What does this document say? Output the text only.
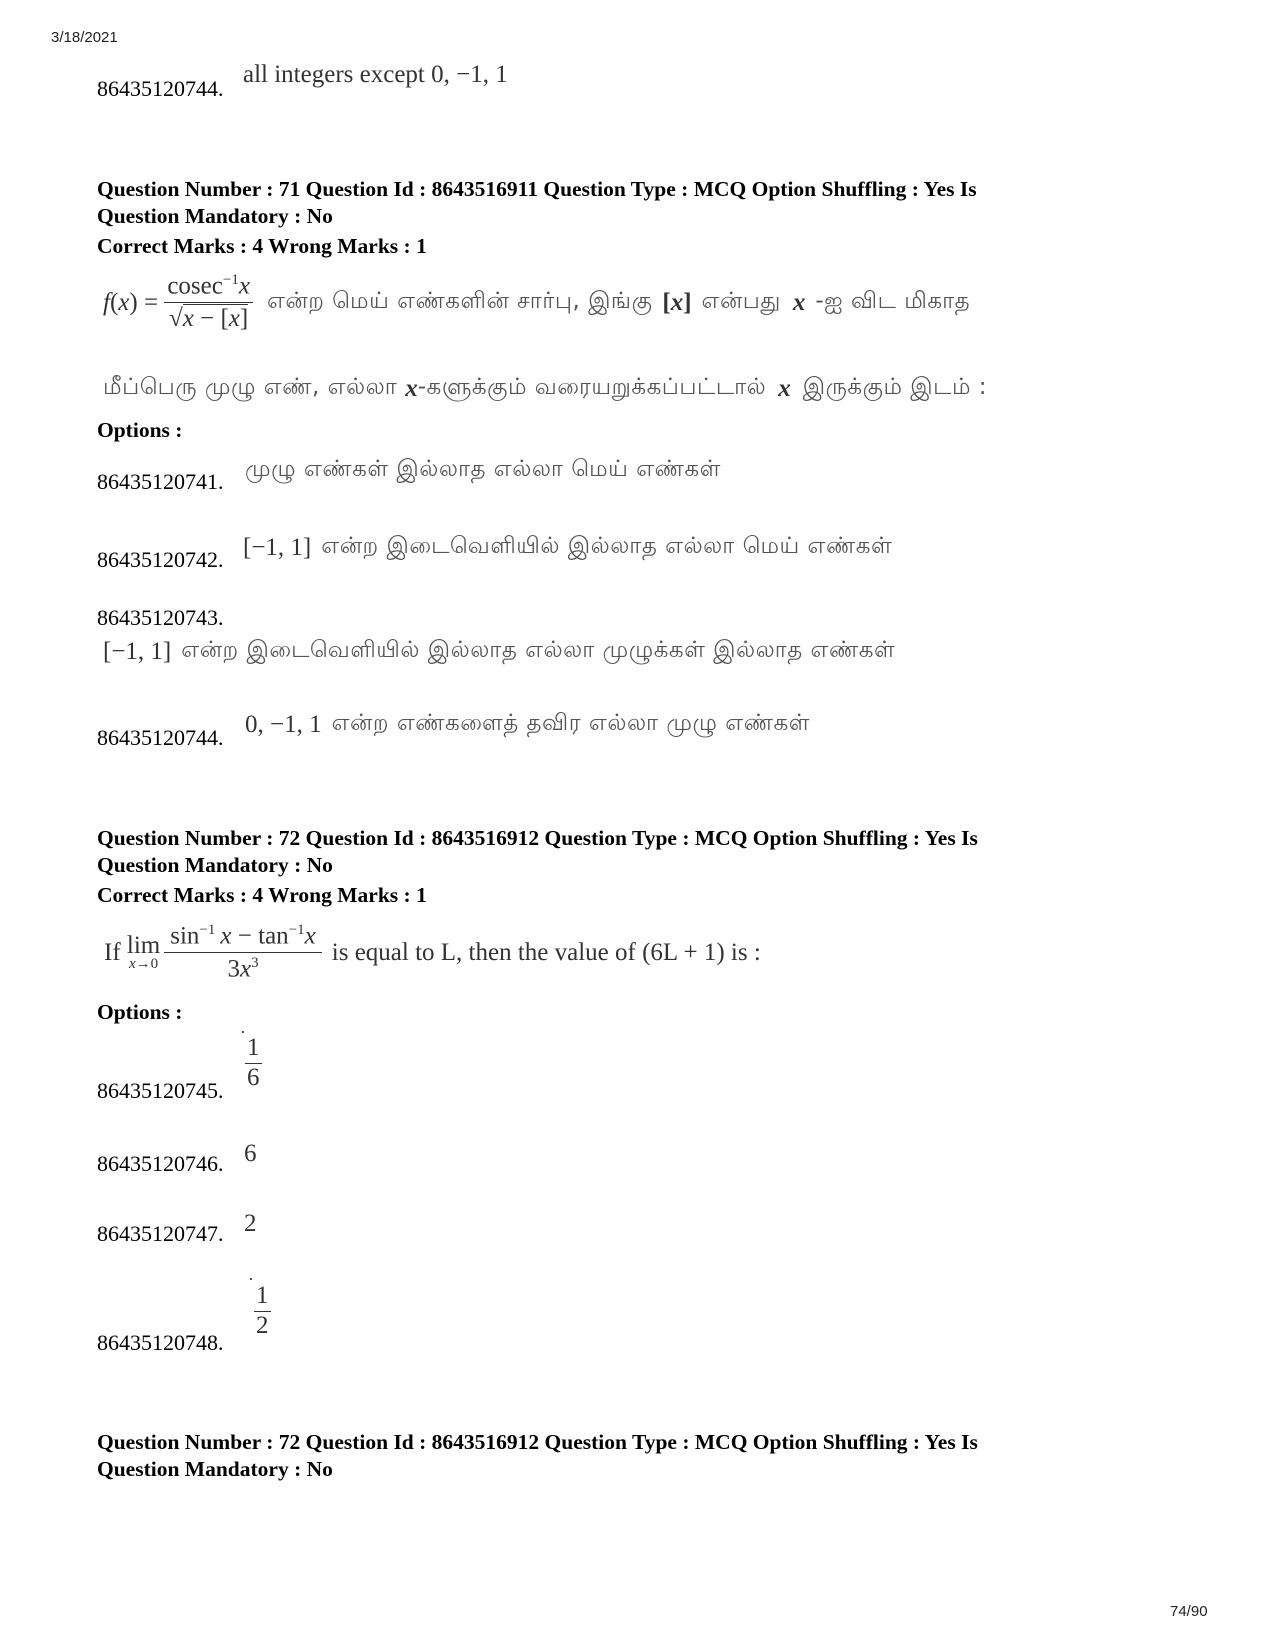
3/18/2021
86435120744.
all integers except 0, −1, 1
Question Number : 71 Question Id : 8643516911 Question Type : MCQ Option Shuffling : Yes Is
Question Mandatory : No
Correct Marks : 4 Wrong Marks : 1
$f(x) = \frac{cosec^{-1}x}{√x - [x]}$ என்ற மெய் எண்களின் சார்பு, இங்கு [x] என்பது x -ஐ விட மிகாத
மீப்பெரு முழு எண், எல்லா x -களுக்கும் வரையறுக்கப்பட்டால் x இருக்கும் இடம் :
Options :
86435120741. முழு எண்கள் இல்லாத எல்லா மெய் எண்கள்
86435120742. [−1, 1] என்ற இடைவெளியில் இல்லாத எல்லா மெய் எண்கள்
86435120743.
[−1, 1] என்ற இடைவெளியில் இல்லாத எல்லா முழுக்கள் இல்லாத எண்கள்
86435120744. 0, −1, 1 என்ற எண்களைத் தவிர எல்லா முழு எண்கள்
Question Number : 72 Question Id : 8643516912 Question Type : MCQ Option Shuffling : Yes Is
Question Mandatory : No
Correct Marks : 4 Wrong Marks : 1
If lim
$x\to 0 \frac{\sin^{-1} x - \tan^{-1}x}{3x^3}$ is equal to L, then the value of (6L + 1) is :
Options :
86435120745. $\frac{1}{6}$
86435120746. 6
86435120747. 2
86435120748.
$\frac{1}{2}$
Question Number : 72 Question Id : 8643516912 Question Type : MCQ Option Shuffling : Yes Is
Question Mandatory : No
74/90
